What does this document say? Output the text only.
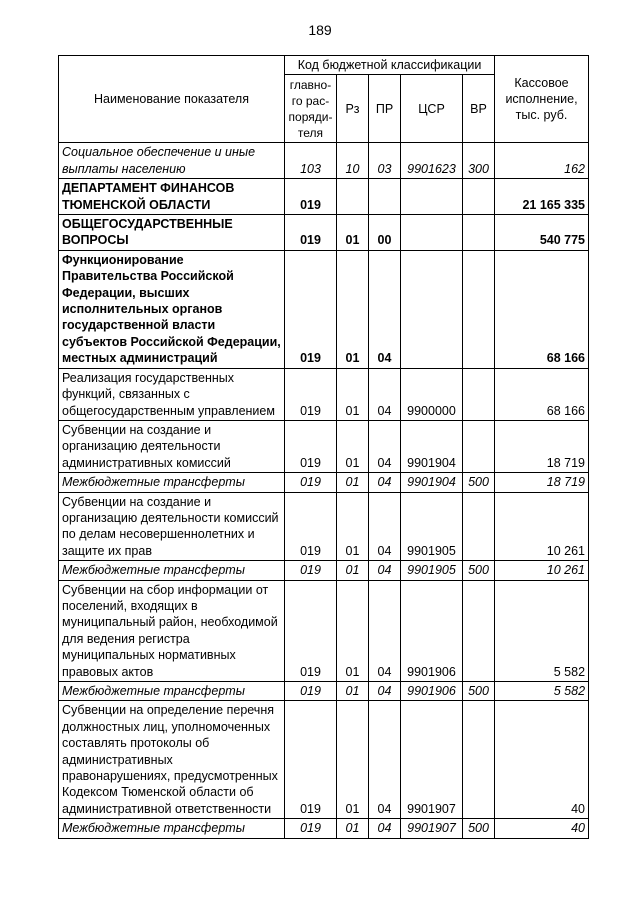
189
Наименование показателя	Код бюджетной классификации					Кассовое исполнение, тыс. руб.
	главно-го рас-поряди-теля	Рз	ПР	ЦСР	ВР	
Социальное обеспечение и иные выплаты населению	103	10	03	9901623	300	162
ДЕПАРТАМЕНТ ФИНАНСОВ ТЮМЕНСКОЙ ОБЛАСТИ	019					21 165 335
ОБЩЕГОСУДАРСТВЕННЫЕ ВОПРОСЫ	019	01	00			540 775
Функционирование Правительства Российской Федерации, высших исполнительных органов государственной власти субъектов Российской Федерации, местных администраций	019	01	04			68 166
Реализация государственных функций, связанных с общегосударственным управлением	019	01	04	9900000		68 166
Субвенции на создание и организацию деятельности административных комиссий	019	01	04	9901904		18 719
Межбюджетные трансферты	019	01	04	9901904	500	18 719
Субвенции на создание и организацию деятельности комиссий по делам несовершеннолетних и защите их прав	019	01	04	9901905		10 261
Межбюджетные трансферты	019	01	04	9901905	500	10 261
Субвенции на сбор информации от поселений, входящих в муниципальный район, необходимой для ведения регистра муниципальных нормативных правовых актов	019	01	04	9901906		5 582
Межбюджетные трансферты	019	01	04	9901906	500	5 582
Субвенции на определение перечня должностных лиц, уполномоченных составлять протоколы об административных правонарушениях, предусмотренных Кодексом Тюменской области об административной ответственности	019	01	04	9901907		40
Межбюджетные трансферты	019	01	04	9901907	500	40
